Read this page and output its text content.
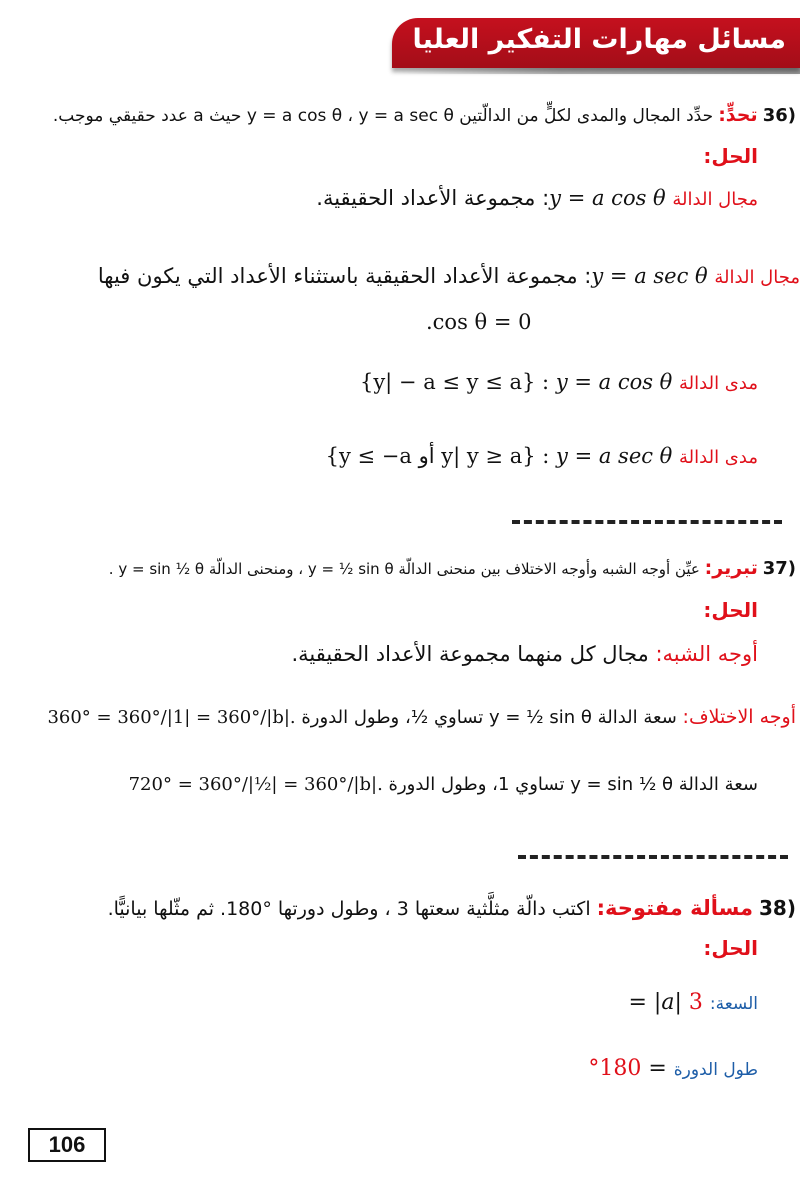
مسائل مهارات التفكير العليا
(36 تحدٍّ: حدِّد المجال والمدى لكلٍّ من الدالّتين y = a cos θ ، y = a sec θ حيث a عدد حقيقي موجب.
الحل:
مجال الدالة y = a cos θ: مجموعة الأعداد الحقيقية.
مجال الدالة y = a sec θ: مجموعة الأعداد الحقيقية باستثناء الأعداد التي يكون فيها
.cos θ = 0
مدى الدالة y = a cos θ : {y| − a ≤ y ≤ a}
مدى الدالة y = a sec θ : {y| y ≥ a أو y ≤ −a}
(37 تبرير: عيِّن أوجه الشبه وأوجه الاختلاف بين منحنى الدالّة y = ½ sin θ ، ومنحنى الدالّة y = sin ½ θ .
الحل:
أوجه الشبه: مجال كل منهما مجموعة الأعداد الحقيقية.
أوجه الاختلاف: سعة الدالة y = ½ sin θ تساوي ½، وطول الدورة 360° = 360°/|1| = 360°/|b|.
سعة الدالة y = sin ½ θ تساوي 1، وطول الدورة 720° = 360°/|½| = 360°/|b|.
(38 مسألة مفتوحة: اكتب دالّة مثلَّثية سعتها 3 ، وطول دورتها °180. ثم مثّلها بيانيًّا.
الحل:
السعة: 3 = |a|
طول الدورة = 180°
106
